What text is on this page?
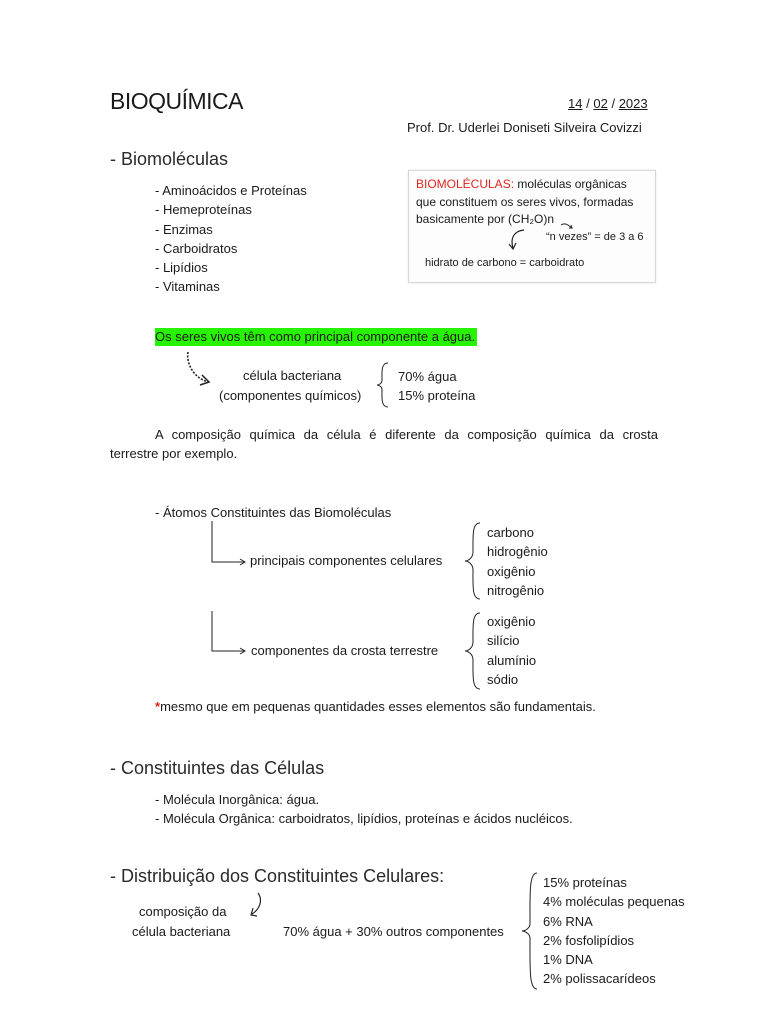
BIOQUÍMICA	14 / 02 / 2023
Prof. Dr. Uderlei Doniseti Silveira Covizzi
- Biomoléculas
- Aminoácidos e Proteínas
- Hemeproteínas
- Enzimas
- Carboidratos
- Lipídios
- Vitaminas
BIOMOLÉCULAS: moléculas orgânicas
que constituem os seres vivos, formadas
basicamente por (CH₂O)n
“n vezes” = de 3 a 6
hidrato de carbono = carboidrato
Os seres vivos têm como principal componente a água.
célula bacteriana
(componentes químicos)
70% água
15% proteína
A composição química da célula é diferente da composição química da crosta
terrestre por exemplo.
- Átomos Constituintes das Biomoléculas
principais componentes celulares
carbono
hidrogênio
oxigênio
nitrogênio
componentes da crosta terrestre
oxigênio
silício
alumínio
sódio
*mesmo que em pequenas quantidades esses elementos são fundamentais.
- Constituintes das Células
- Molécula Inorgânica: água.
- Molécula Orgânica: carboidratos, lipídios, proteínas e ácidos nucléicos.
- Distribuição dos Constituintes Celulares:
composição da
célula bacteriana	70% água + 30% outros componentes
15% proteínas
4% moléculas pequenas
6% RNA
2% fosfolipídios
1% DNA
2% polissacarídeos
